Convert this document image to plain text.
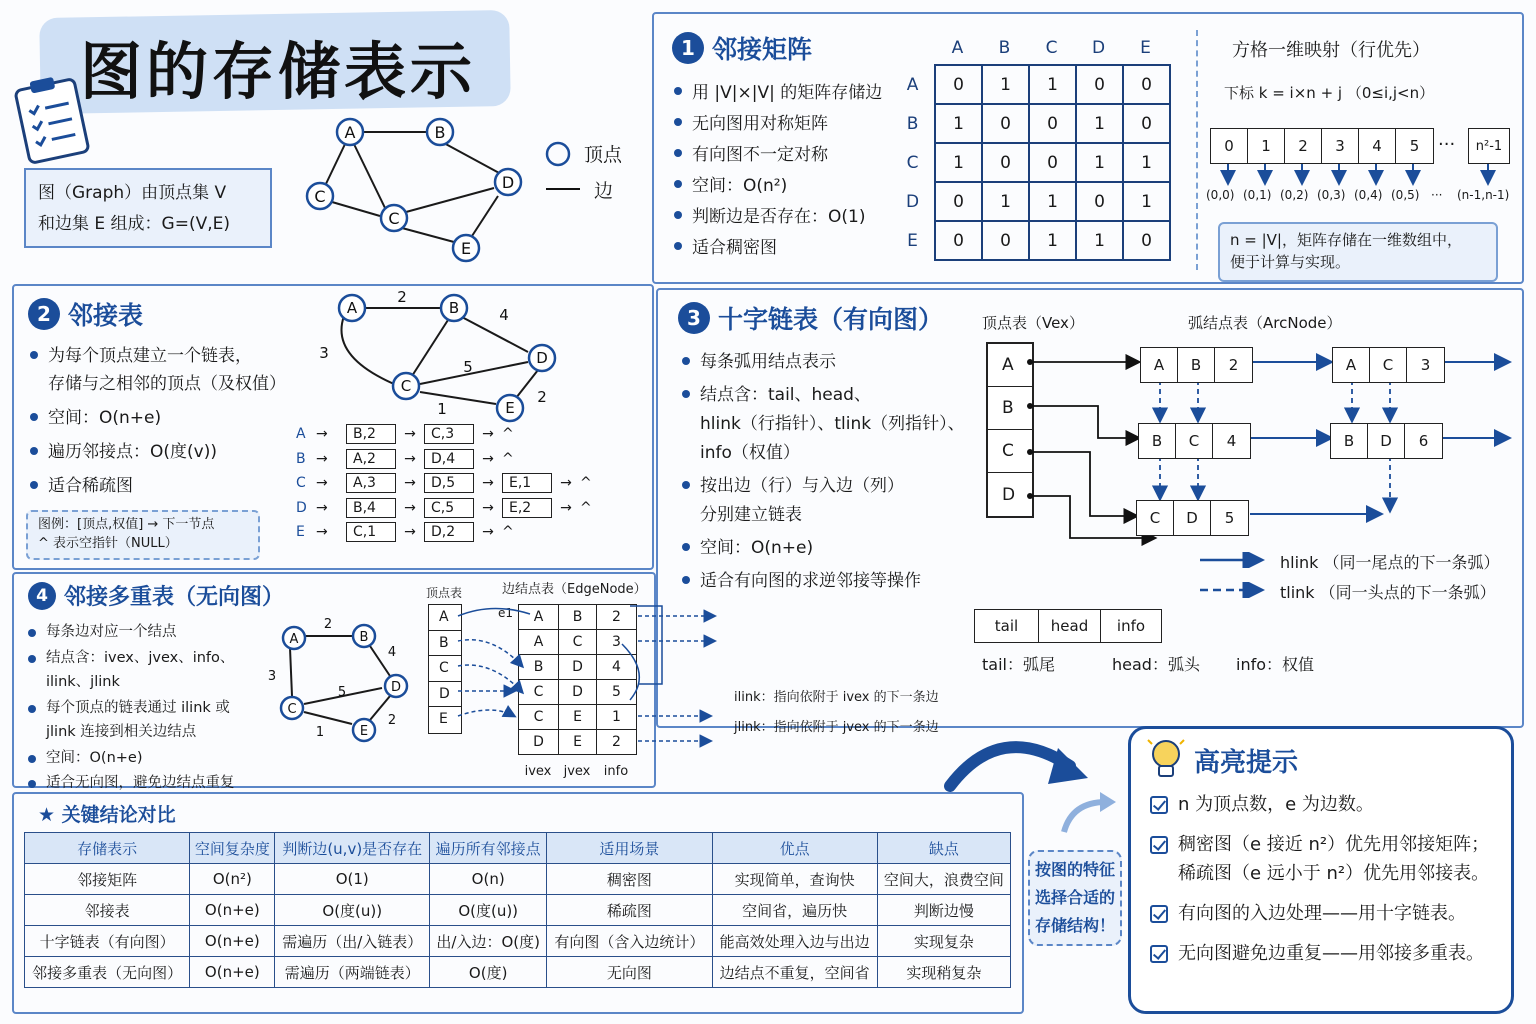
图的存储表示
图（Graph）由顶点集 V
和边集 E 组成：G=(V,E)
A	B
C
C
D
E
顶点
边
1 邻接矩阵
用 |V|×|V| 的矩阵存储边
无向图用对称矩阵
有向图不一定对称
空间：O(n²)
判断边是否存在：O(1)
适合稠密图
A	B	C	D	E
A
B
C
D
E
0	1	1	0	0
1	0	0	1	0
1	0	0	1	1
0	1	1	0	1
0	0	1	1	0
方格一维映射（行优先）
下标 k = i×n + j （0≤i,j<n）
0	1	2	3	4	5	···	n²-1
(0,0) (0,1) (0,2) (0,3) (0,4) (0,5) ···	(n-1,n-1)
n = |V|，矩阵存储在一维数组中，
便于计算与实现。
2 邻接表
为每个顶点建立一个链表，
存储与之相邻的顶点（及权值）
空间：O(n+e)
遍历邻接点：O(度(v))
适合稀疏图
图例：[顶点,权值] → 下一节点
^ 表示空指针（NULL）
A	B
C
D
E
2
4
3
5
1
2
A →	B,2	→	C,3	→ ^
B →	A,2	→	D,4	→ ^
C →	A,3	→	D,5	→	E,1	→ ^
D →	B,4	→	C,5	→	E,2	→ ^
E →	C,1	→	D,2	→ ^
3 十字链表（有向图）
每条弧用结点表示
结点含：tail、head、
hlink（行指针）、tlink（列指针）、
info（权值）
按出边（行）与入边（列）
分别建立链表
空间：O(n+e)
适合有向图的求逆邻接等操作
顶点表（Vex）	弧结点表（ArcNode）
A
B
C
D
A	B	2	A	C	3
B	C	4	B	D	6
C	D	5
hlink （同一尾点的下一条弧）
tlink （同一头点的下一条弧）
tail	head	info
tail：弧尾	head：弧头 info：权值
4 邻接多重表（无向图）
每条边对应一个结点
结点含：ivex、jvex、info、
ilink、jlink
每个顶点的链表通过 ilink 或
jlink 连接到相关边结点
空间：O(n+e)
适合无向图，避免边结点重复
A	B
C
D
E
2
3
4
5
1
2
顶点表	边结点表（EdgeNode）
A
B
C
D
E
e1 A	B	2
A	C	3
B	D	4
C	D	5
C	E	1
D	E	2
ivex jvex	info
ilink：指向依附于 ivex 的下一条边
jlink：指向依附于 jvex 的下一条边
★ 关键结论对比
存储表示	空间复杂度	判断边(u,v)是否存在	遍历所有邻接点	适用场景	优点	缺点
邻接矩阵	O(n²)	O(1)	O(n)	稠密图	实现简单，查询快	空间大，浪费空间
邻接表	O(n+e)	O(度(u))	O(度(u))	稀疏图	空间省，遍历快	判断边慢
十字链表（有向图）	O(n+e)	需遍历（出/入链表）	出/入边：O(度)	有向图（含入边统计）	能高效处理入边与出边	实现复杂
邻接多重表（无向图）	O(n+e)	需遍历（两端链表）	O(度)	无向图	边结点不重复，空间省	实现稍复杂
按图的特征
选择合适的
存储结构！
高亮提示
n 为顶点数，e 为边数。
稠密图（e 接近 n²）优先用邻接矩阵；
稀疏图（e 远小于 n²）优先用邻接表。
有向图的入边处理——用十字链表。
无向图避免边重复——用邻接多重表。
